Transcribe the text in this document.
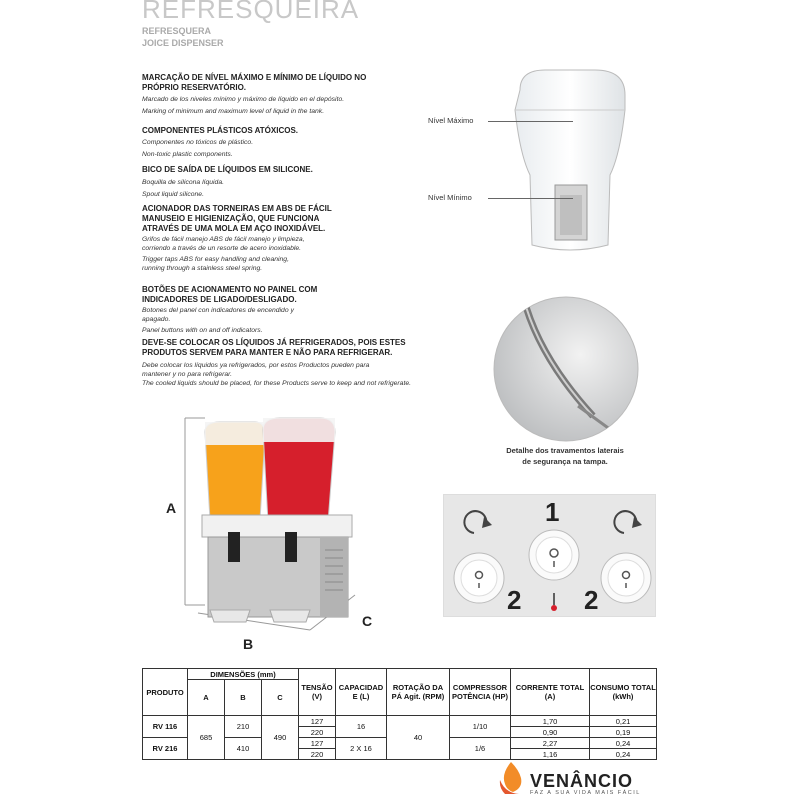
REFRESQUEIRA
REFRESQUERA
JOICE DISPENSER
MARCAÇÃO DE NÍVEL MÁXIMO E MÍNIMO DE LÍQUIDO NO
PRÓPRIO RESERVATÓRIO.
Marcado de los niveles mínimo y máximo de líquido en el depósito.
Marking of minimum and maximum level of liquid in the tank.
COMPONENTES PLÁSTICOS ATÓXICOS.
Componentes no tóxicos de plástico.
Non-toxic plastic components.
BICO DE SAÍDA DE LÍQUIDOS EM SILICONE.
Boquilla de silicona líquida.
Spout liquid silicone.
ACIONADOR DAS TORNEIRAS EM ABS DE FÁCIL
MANUSEIO E HIGIENIZAÇÃO, QUE FUNCIONA
ATRAVÉS DE UMA MOLA EM AÇO INOXIDÁVEL.
Grifos de fácil manejo ABS de fácil manejo y limpieza,
corriendo a través de un resorte de acero inoxidable.
Trigger taps ABS for easy handling and cleaning,
running through a stainless steel spring.
BOTÕES DE ACIONAMENTO NO PAINEL COM
INDICADORES DE LIGADO/DESLIGADO.
Botones del panel con indicadores de encendido y
apagado.
Panel buttons with on and off indicators.
DEVE-SE COLOCAR OS LÍQUIDOS JÁ REFRIGERADOS, POIS ESTES
PRODUTOS SERVEM PARA MANTER E NÃO PARA REFRIGERAR.
Debe colocar los líquidos ya refrigerados, por estos Productos pueden para
mantener y no para refrigerar.
The cooled liquids should be placed, for these Products serve to keep and not refrigerate.
Nível Máximo
Nível Mínimo
Detalhe dos travamentos laterais
de segurança na tampa.
A
B
C
1
2 2
PRODUTO	DIMENSÕES (mm)			TENSÃO (V)	CAPACIDAD E (L)	ROTAÇÃO DA PÁ Agit. (RPM)	COMPRESSOR POTÊNCIA (HP)	CORRENTE TOTAL (A)	CONSUMO TOTAL (kWh)
	A	B	C						
RV 116	685	210	490	127	16	40	1/10	1,70	0,21
				220				0,90	0,19
RV 216		410		127	2 X 16		1/6	2,27	0,24
				220				1,16	0,24
VENÂNCIO
FAZ A SUA VIDA MAIS FÁCIL
